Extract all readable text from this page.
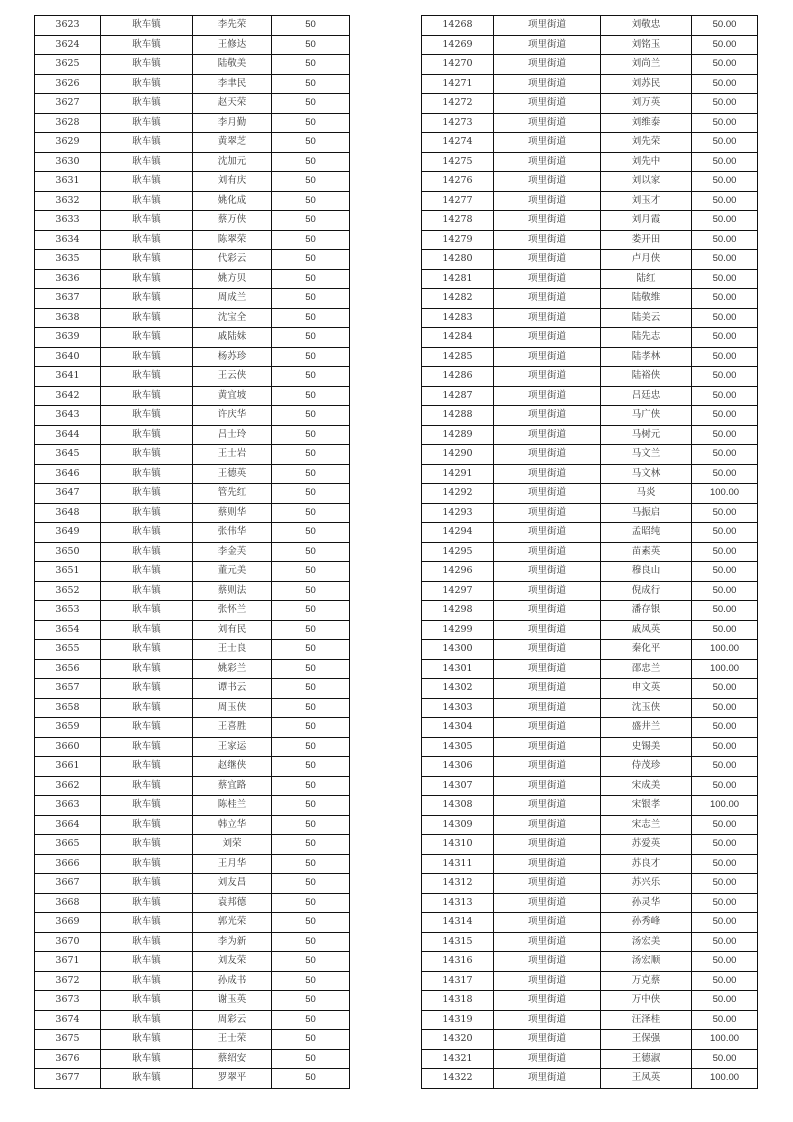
3623	耿车镇	李先荣	50
3624	耿车镇	王修达	50
3625	耿车镇	陆敬美	50
3626	耿车镇	李聿民	50
3627	耿车镇	赵天荣	50
3628	耿车镇	李月勤	50
3629	耿车镇	黄翠芝	50
3630	耿车镇	沈加元	50
3631	耿车镇	刘有庆	50
3632	耿车镇	姚化成	50
3633	耿车镇	蔡万侠	50
3634	耿车镇	陈翠荣	50
3635	耿车镇	代彩云	50
3636	耿车镇	姚方贝	50
3637	耿车镇	周成兰	50
3638	耿车镇	沈宝全	50
3639	耿车镇	戚陆妹	50
3640	耿车镇	杨苏珍	50
3641	耿车镇	王云侠	50
3642	耿车镇	黄宜坡	50
3643	耿车镇	许庆华	50
3644	耿车镇	吕士玲	50
3645	耿车镇	王士岩	50
3646	耿车镇	王德英	50
3647	耿车镇	管先红	50
3648	耿车镇	蔡则华	50
3649	耿车镇	张伟华	50
3650	耿车镇	李金芙	50
3651	耿车镇	董元美	50
3652	耿车镇	蔡则法	50
3653	耿车镇	张怀兰	50
3654	耿车镇	刘有民	50
3655	耿车镇	王士良	50
3656	耿车镇	姚彩兰	50
3657	耿车镇	谭书云	50
3658	耿车镇	周玉侠	50
3659	耿车镇	王喜胜	50
3660	耿车镇	王家运	50
3661	耿车镇	赵继侠	50
3662	耿车镇	蔡宜路	50
3663	耿车镇	陈桂兰	50
3664	耿车镇	韩立华	50
3665	耿车镇	刘荣	50
3666	耿车镇	王月华	50
3667	耿车镇	刘友昌	50
3668	耿车镇	袁邦德	50
3669	耿车镇	郭光荣	50
3670	耿车镇	李为新	50
3671	耿车镇	刘友荣	50
3672	耿车镇	孙成书	50
3673	耿车镇	谢玉英	50
3674	耿车镇	周彩云	50
3675	耿车镇	王士荣	50
3676	耿车镇	蔡绍安	50
3677	耿车镇	罗翠平	50
14268	项里街道	刘敬忠	50.00
14269	项里街道	刘铭玉	50.00
14270	项里街道	刘尚兰	50.00
14271	项里街道	刘苏民	50.00
14272	项里街道	刘万英	50.00
14273	项里街道	刘维泰	50.00
14274	项里街道	刘先荣	50.00
14275	项里街道	刘先中	50.00
14276	项里街道	刘以家	50.00
14277	项里街道	刘玉才	50.00
14278	项里街道	刘月霞	50.00
14279	项里街道	娄开田	50.00
14280	项里街道	卢月侠	50.00
14281	项里街道	陆红	50.00
14282	项里街道	陆敬维	50.00
14283	项里街道	陆美云	50.00
14284	项里街道	陆先志	50.00
14285	项里街道	陆孝林	50.00
14286	项里街道	陆裕侠	50.00
14287	项里街道	吕廷忠	50.00
14288	项里街道	马广侠	50.00
14289	项里街道	马树元	50.00
14290	项里街道	马文兰	50.00
14291	项里街道	马文林	50.00
14292	项里街道	马炎	100.00
14293	项里街道	马振启	50.00
14294	项里街道	孟昭纯	50.00
14295	项里街道	苗素英	50.00
14296	项里街道	穆良山	50.00
14297	项里街道	倪成行	50.00
14298	项里街道	潘存银	50.00
14299	项里街道	戚凤英	50.00
14300	项里街道	秦化平	100.00
14301	项里街道	邵忠兰	100.00
14302	项里街道	申文英	50.00
14303	项里街道	沈玉侠	50.00
14304	项里街道	盛井兰	50.00
14305	项里街道	史锡美	50.00
14306	项里街道	侍茂珍	50.00
14307	项里街道	宋成美	50.00
14308	项里街道	宋银孝	100.00
14309	项里街道	宋志兰	50.00
14310	项里街道	苏爱英	50.00
14311	项里街道	苏良才	50.00
14312	项里街道	苏兴乐	50.00
14313	项里街道	孙灵华	50.00
14314	项里街道	孙秀峰	50.00
14315	项里街道	汤宏美	50.00
14316	项里街道	汤宏顺	50.00
14317	项里街道	万克蔡	50.00
14318	项里街道	万中侠	50.00
14319	项里街道	汪泽桂	50.00
14320	项里街道	王保强	100.00
14321	项里街道	王德淑	50.00
14322	项里街道	王凤英	100.00
